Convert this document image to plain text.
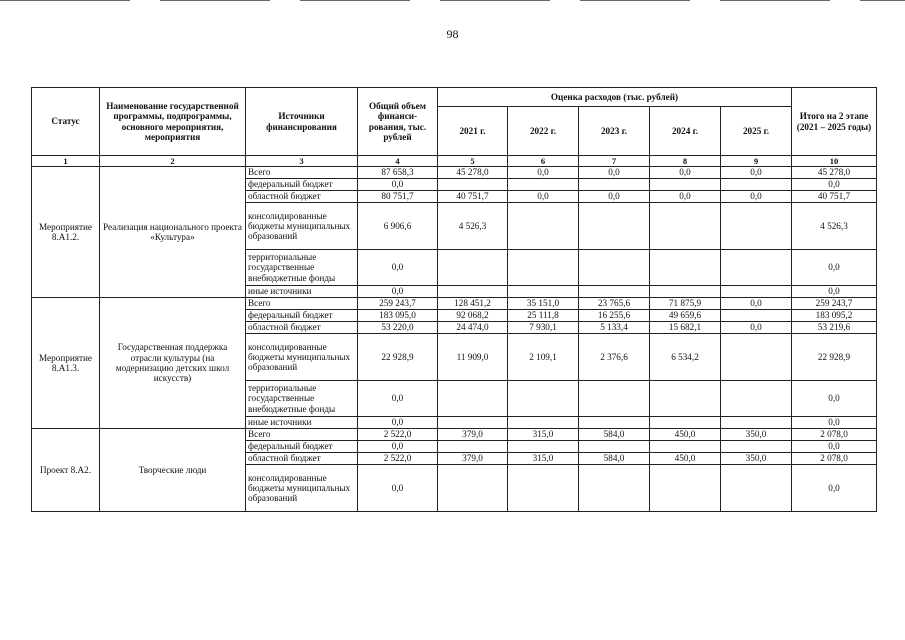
98
Статус	Наименование государственной программы, подпрограммы, основного мероприятия, мероприятия	Источники финансирования	Общий объем финанси-рования, тыс. рублей	Оценка расходов (тыс. рублей)					Итого на 2 этапе (2021 – 2025 годы)
				2021 г.	2022 г.	2023 г.	2024 г.	2025 г.	
1	2	3	4	5	6	7	8	9	10
Мероприятие 8.А1.2.	Реализация национального проекта «Культура»	Всего	87 658,3	45 278,0	0,0	0,0	0,0	0,0	45 278,0
		федеральный бюджет	0,0						0,0
		областной бюджет	80 751,7	40 751,7	0,0	0,0	0,0	0,0	40 751,7
		консолидированные бюджеты муниципальных образований	6 906,6	4 526,3					4 526,3
		территориальные государственные внебюджетные фонды	0,0						0,0
		иные источники	0,0						0,0
Мероприятие 8.А1.3.	Государственная поддержка отрасли культуры (на модернизацию детских школ искусств)	Всего	259 243,7	128 451,2	35 151,0	23 765,6	71 875,9	0,0	259 243,7
		федеральный бюджет	183 095,0	92 068,2	25 111,8	16 255,6	49 659,6		183 095,2
		областной бюджет	53 220,0	24 474,0	7 930,1	5 133,4	15 682,1	0,0	53 219,6
		консолидированные бюджеты муниципальных образований	22 928,9	11 909,0	2 109,1	2 376,6	6 534,2		22 928,9
		территориальные государственные внебюджетные фонды	0,0						0,0
		иные источники	0,0						0,0
Проект 8.А2.	Творческие люди	Всего	2 522,0	379,0	315,0	584,0	450,0	350,0	2 078,0
		федеральный бюджет	0,0						0,0
		областной бюджет	2 522,0	379,0	315,0	584,0	450,0	350,0	2 078,0
		консолидированные бюджеты муниципальных образований	0,0						0,0
